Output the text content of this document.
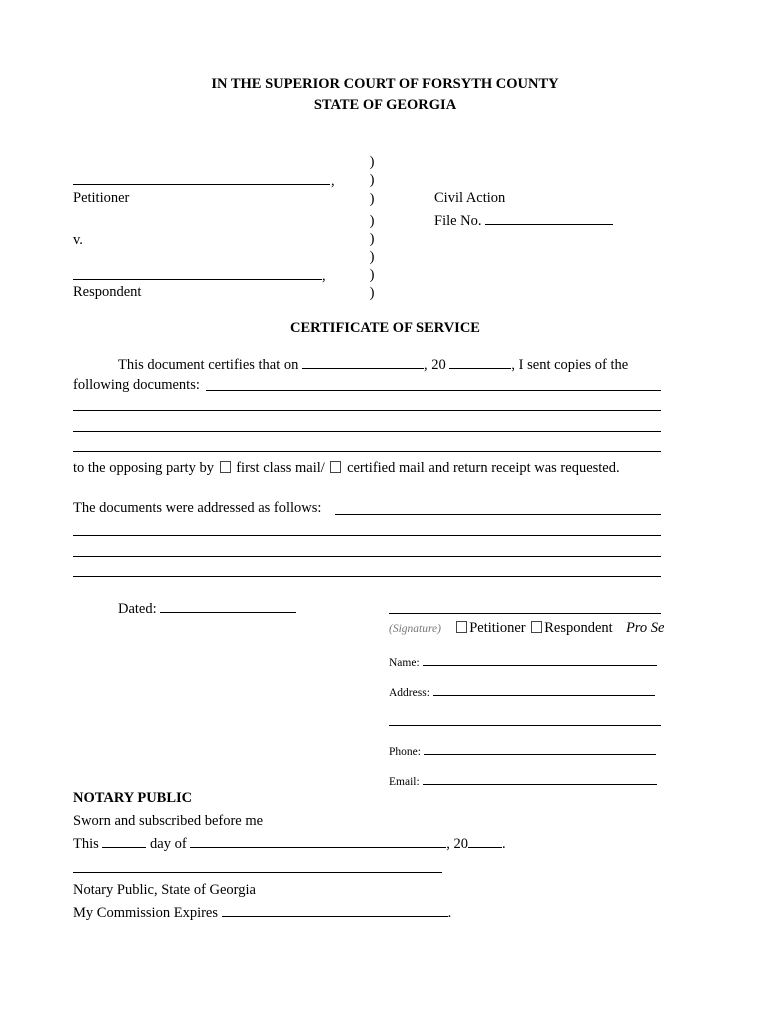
IN THE SUPERIOR COURT OF FORSYTH COUNTY
STATE OF GEORGIA
,
Petitioner
v.
,
Respondent
)
)
)
)
)
)
)
)
Civil Action
File No.
CERTIFICATE OF SERVICE
This document certifies that on	, 20	, I sent copies of the
following documents:
to the opposing party by first class mail/ certified mail and return receipt was requested.
The documents were addressed as follows:
Dated:
(Signature) Petitioner Respondent Pro Se
Name:
Address:
Phone:
Email:
NOTARY PUBLIC
Sworn and subscribed before me
This	day of	, 20 .
Notary Public, State of Georgia
My Commission Expires	.
